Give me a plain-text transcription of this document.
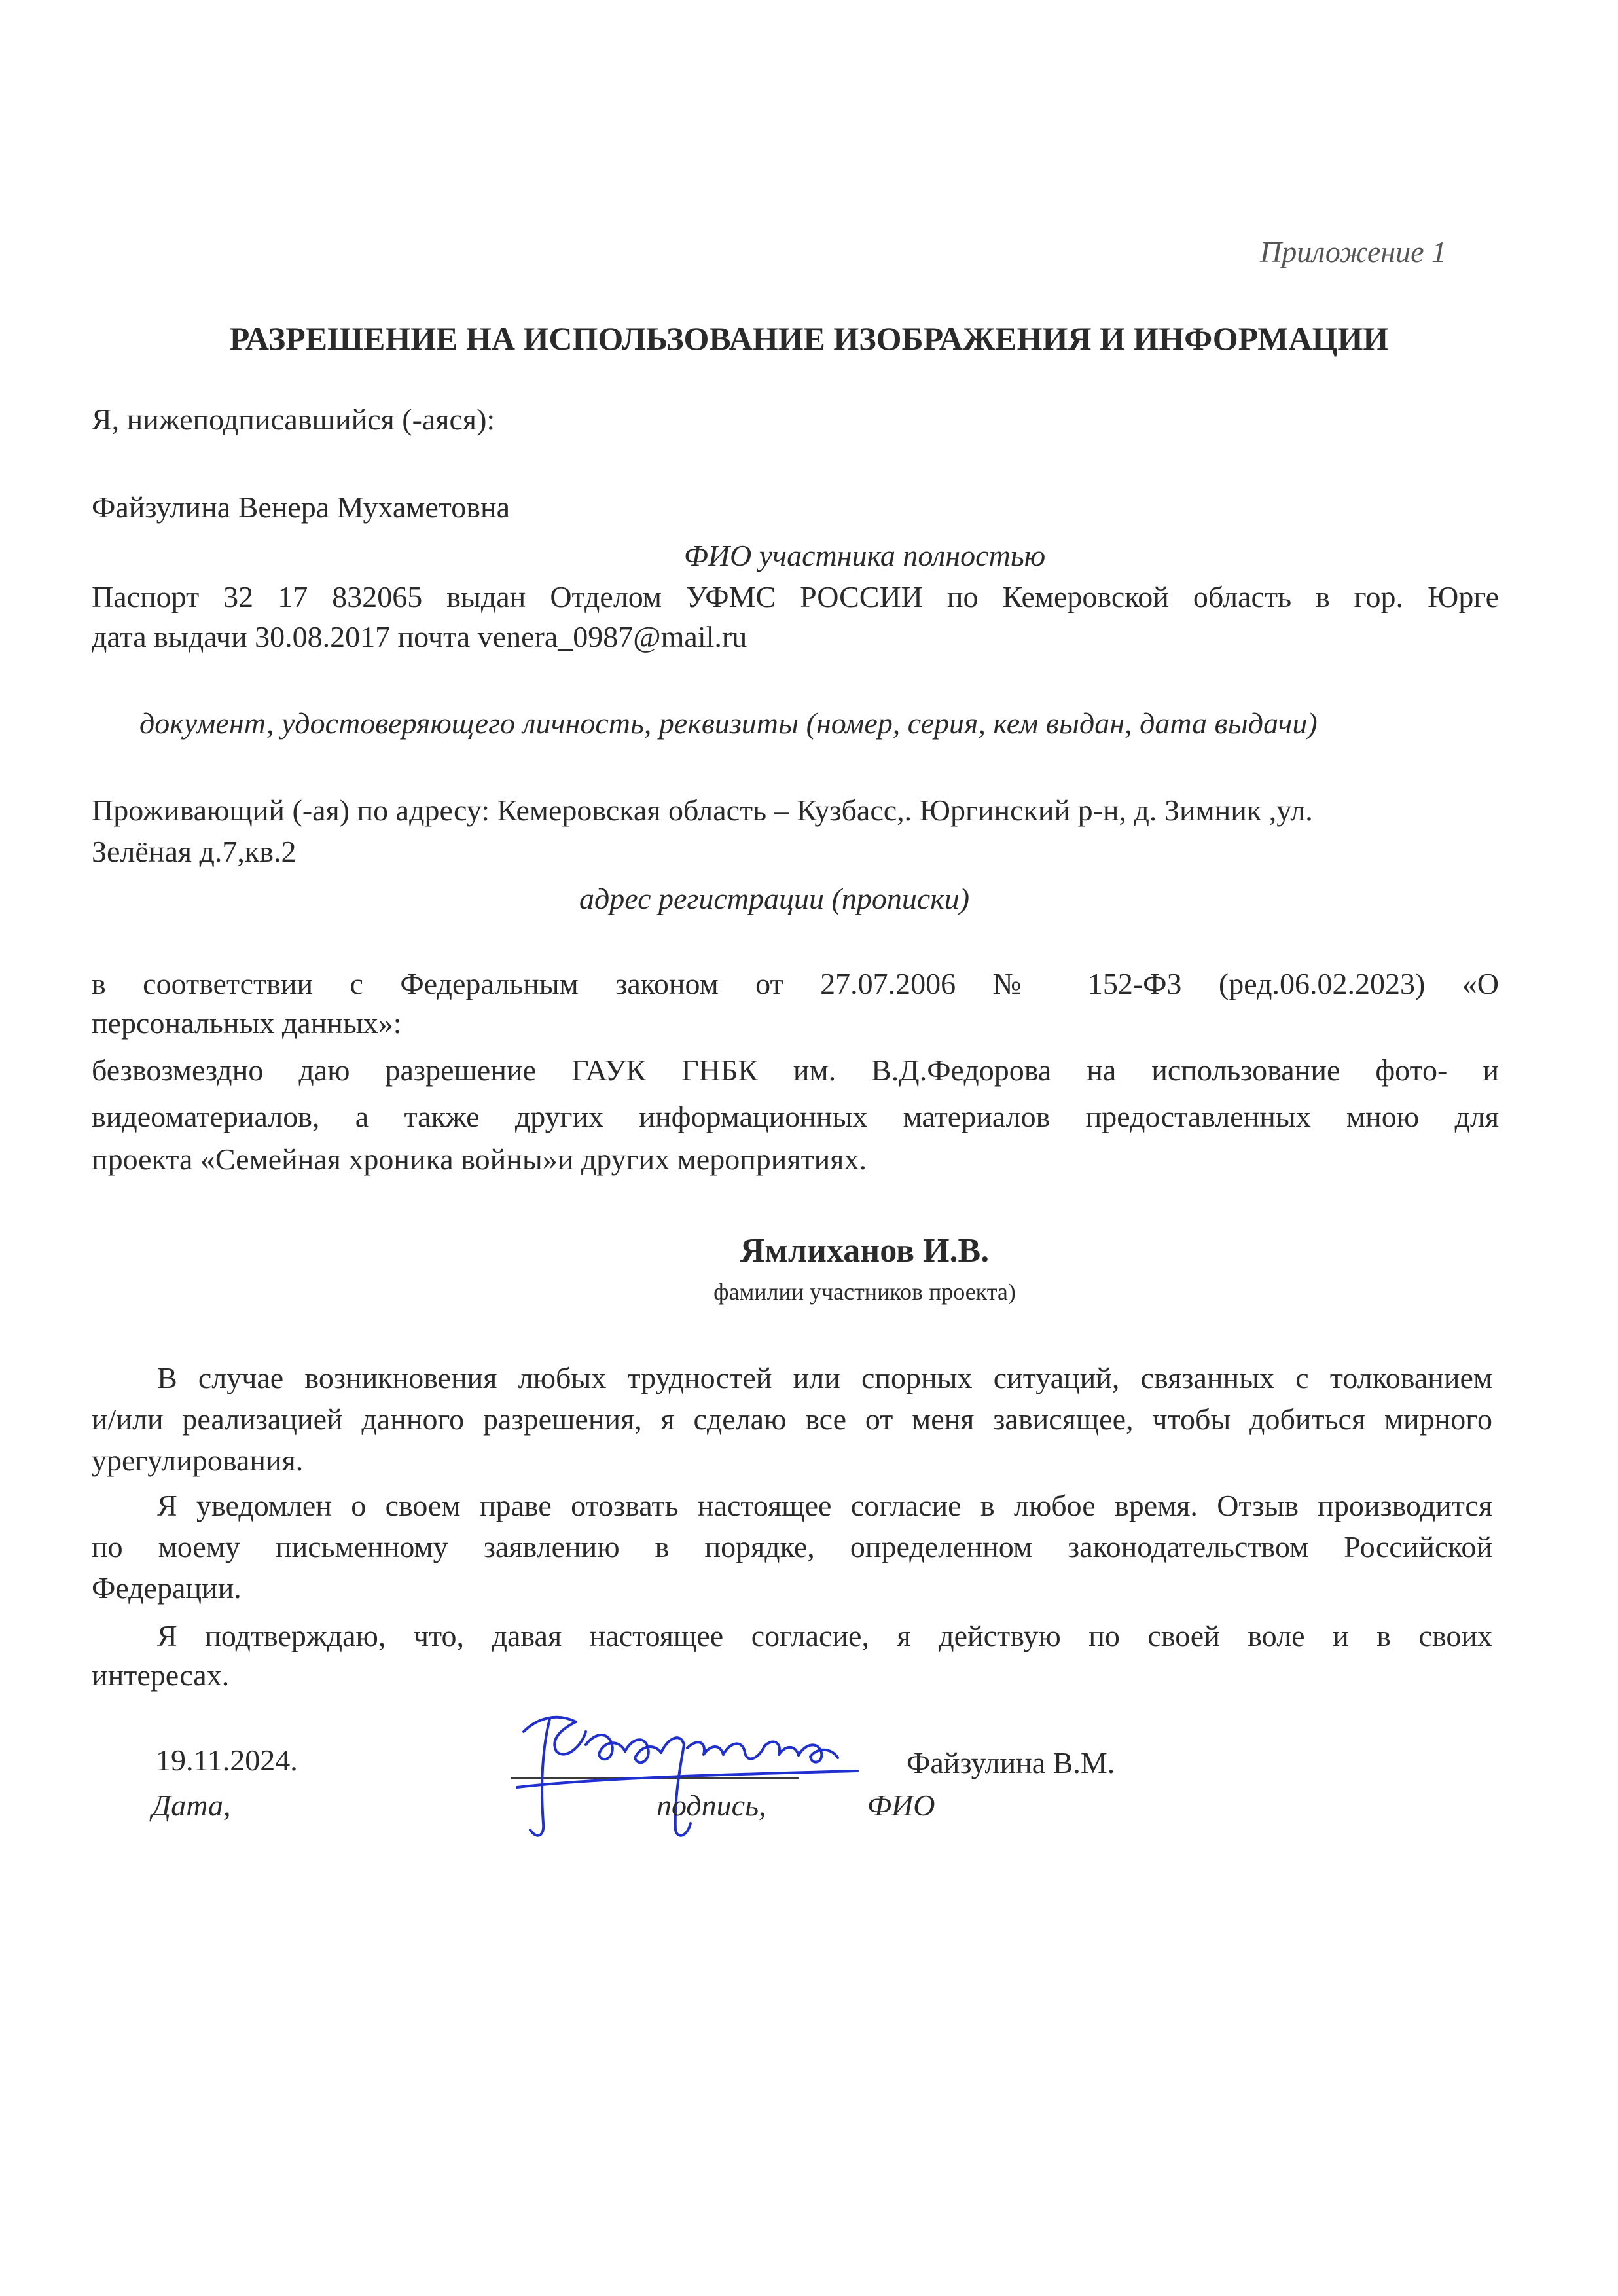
Приложение 1
РАЗРЕШЕНИЕ НА ИСПОЛЬЗОВАНИЕ ИЗОБРАЖЕНИЯ И ИНФОРМАЦИИ
Я, нижеподписавшийся (-аяся):
Файзулина Венера Мухаметовна
ФИО участника полностью
Паспорт 32 17 832065 выдан Отделом УФМС РОССИИ по Кемеровской область в гор. Юрге
дата выдачи 30.08.2017 почта venera_0987@mail.ru
документ, удостоверяющего личность, реквизиты (номер, серия, кем выдан, дата выдачи)
Проживающий (-ая) по адресу: Кемеровская область – Кузбасс,. Юргинский р-н, д. Зимник ,ул.
Зелёная д.7,кв.2
адрес регистрации (прописки)
в соответствии с Федеральным законом от 27.07.2006 № 152-ФЗ (ред.06.02.2023) «О
персональных данных»:
безвозмездно даю разрешение ГАУК ГНБК им. В.Д.Федорова на использование фото- и
видеоматериалов, а также других информационных материалов предоставленных мною для
проекта «Семейная хроника войны»и других мероприятиях.
Ямлиханов И.В.
фамилии участников проекта)
В случае возникновения любых трудностей или спорных ситуаций, связанных с толкованием
и/или реализацией данного разрешения, я сделаю все от меня зависящее, чтобы добиться мирного
урегулирования.
Я уведомлен о своем праве отозвать настоящее согласие в любое время. Отзыв производится
по моему письменному заявлению в порядке, определенном законодательством Российской
Федерации.
Я подтверждаю, что, давая настоящее согласие, я действую по своей воле и в своих
интересах.
19.11.2024.
Дата,	подпись,
Файзулина В.М.
ФИО
